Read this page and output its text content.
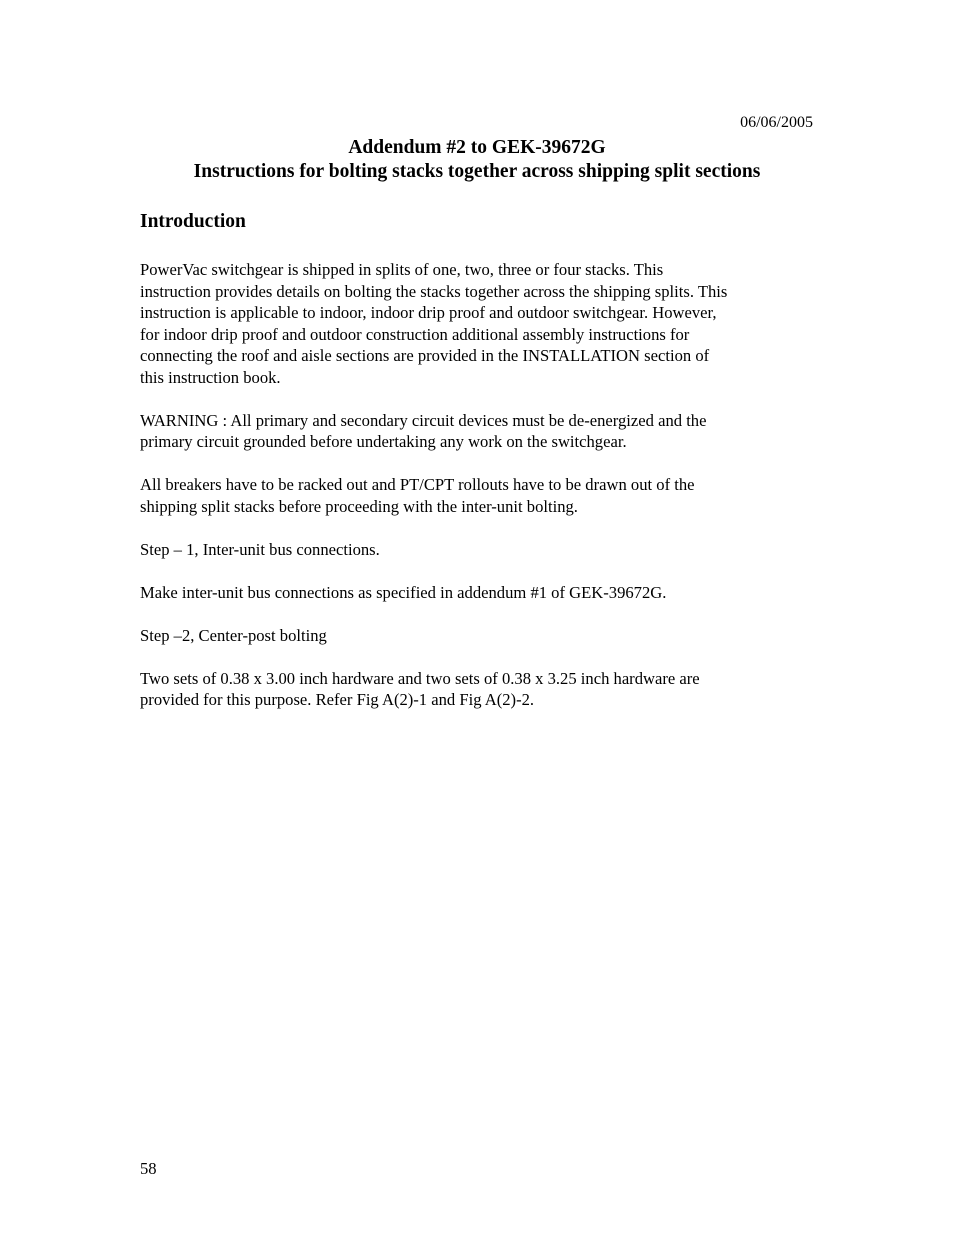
06/06/2005
Addendum #2 to GEK-39672G
Instructions for bolting stacks together across shipping split sections
Introduction

PowerVac switchgear is shipped in splits of one, two, three or four stacks. This
instruction provides details on bolting the stacks together across the shipping splits. This
instruction is applicable to indoor, indoor drip proof and outdoor switchgear. However,
for indoor drip proof and outdoor construction additional assembly instructions for
connecting the roof and aisle sections are provided in the INSTALLATION section of
this instruction book.

WARNING : All primary and secondary circuit devices must be de-energized and the
primary circuit grounded before undertaking any work on the switchgear.

All breakers have to be racked out and PT/CPT rollouts have to be drawn out of the
shipping split stacks before proceeding with the inter-unit bolting.

Step – 1, Inter-unit bus connections.

Make inter-unit bus connections as specified in addendum #1 of GEK-39672G.

Step –2, Center-post bolting

Two sets of 0.38 x 3.00 inch hardware and two sets of 0.38 x 3.25 inch hardware are
provided for this purpose. Refer Fig A(2)-1 and Fig A(2)-2.

58
